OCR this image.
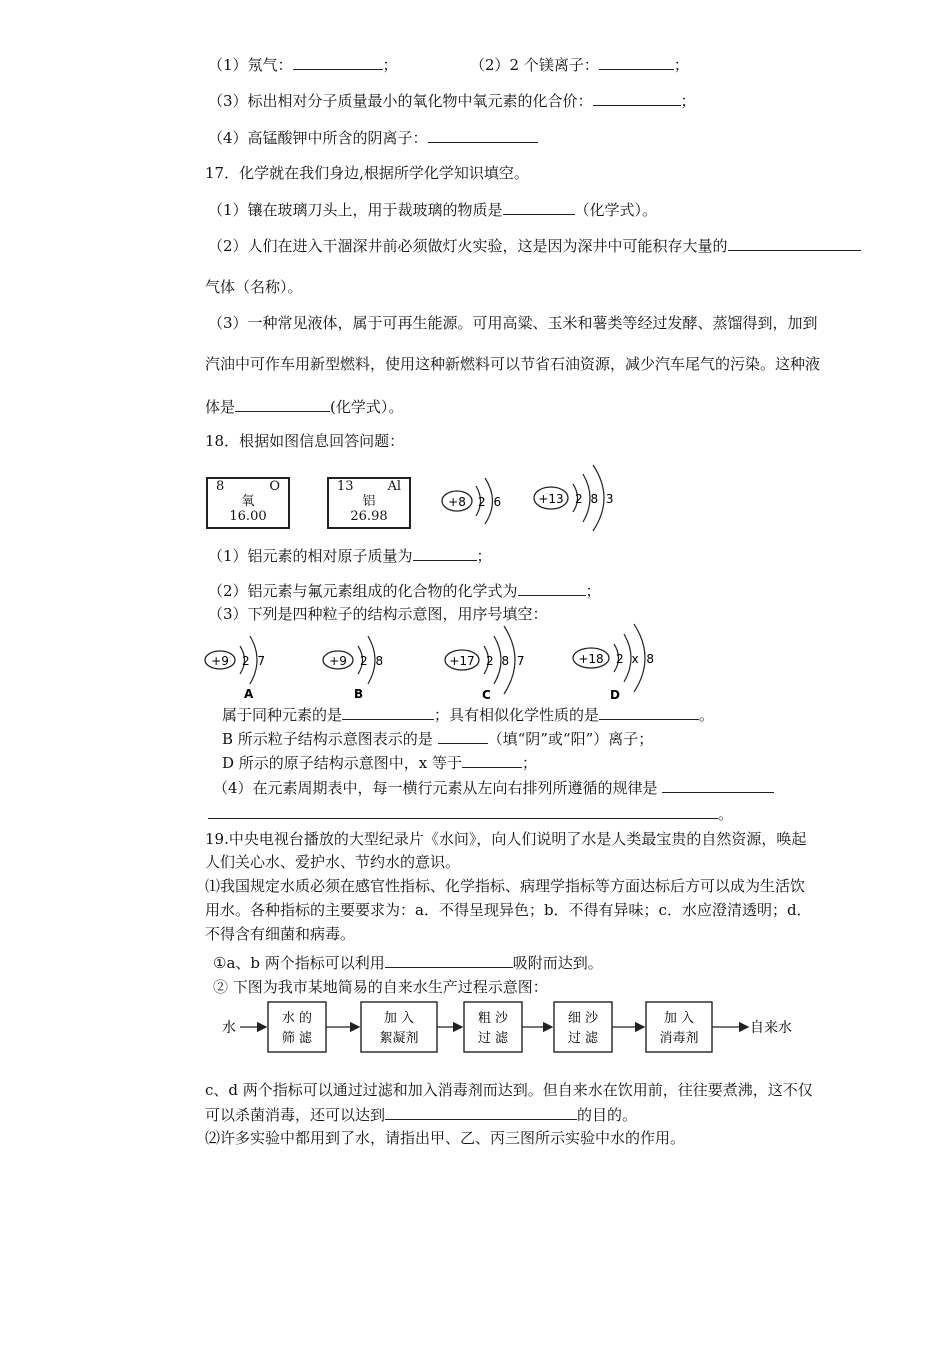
（1）氖气：	；	（2）2 个镁离子：	；
（3）标出相对分子质量最小的氧化物中氧元素的化合价：	；
（4）高锰酸钾中所含的阴离子：
17．化学就在我们身边,根据所学化学知识填空。
（1）镶在玻璃刀头上，用于裁玻璃的物质是	（化学式）。
（2）人们在进入干涸深井前必须做灯火实验，这是因为深井中可能积存大量的
气体（名称）。
（3）一种常见液体，属于可再生能源。可用高粱、玉米和薯类等经过发酵、蒸馏得到，加到
汽油中可作车用新型燃料，使用这种新燃料可以节省石油资源，减少汽车尾气的污染。这种液
体是	(化学式）。
18．根据如图信息回答问题：
8	O
氧
16.00
13	Al
铝
26.98
+8 2 6	+13 2 8 3
（1）铝元素的相对原子质量为	；
（2）铝元素与氟元素组成的化合物的化学式为	；
（3）下列是四种粒子的结构示意图，用序号填空：
+9 2 7
A
+9 2 8
B
+17 2 8 7
C
+18 2 x 8
D
属于同种元素的是	；具有相似化学性质的是	。
B 所示粒子结构示意图表示的是	（填“阴”或“阳”）离子；
D 所示的原子结构示意图中，x 等于	；
（4）在元素周期表中，每一横行元素从左向右排列所遵循的规律是
。
19.中央电视台播放的大型纪录片《水问》，向人们说明了水是人类最宝贵的自然资源，唤起
人们关心水、爱护水、节约水的意识。
⑴我国规定水质必须在感官性指标、化学指标、病理学指标等方面达标后方可以成为生活饮
用水。各种指标的主要要求为：a．不得呈现异色；b．不得有异味；c．水应澄清透明；d．
不得含有细菌和病毒。
①a、b 两个指标可以利用	吸附而达到。
② 下图为我市某地简易的自来水生产过程示意图：
水
水 的
筛 滤
加 入
絮凝剂
粗 沙
过 滤
细 沙
过 滤
加 入
消毒剂
自来水
c、d 两个指标可以通过过滤和加入消毒剂而达到。但自来水在饮用前，往往要煮沸，这不仅
可以杀菌消毒，还可以达到	的目的。
⑵许多实验中都用到了水，请指出甲、乙、丙三图所示实验中水的作用。
